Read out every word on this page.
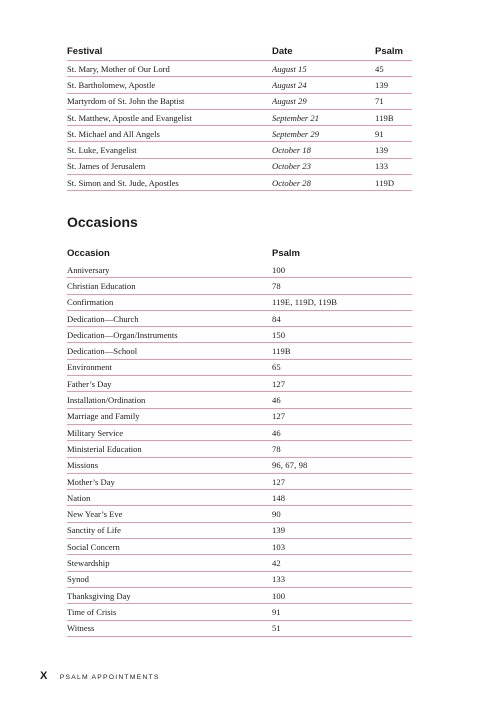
Festival	Date	Psalm
St. Mary, Mother of Our Lord	August 15	45
St. Bartholomew, Apostle	August 24	139
Martyrdom of St. John the Baptist	August 29	71
St. Matthew, Apostle and Evangelist	September 21	119B
St. Michael and All Angels	September 29	91
St. Luke, Evangelist	October 18	139
St. James of Jerusalem	October 23	133
St. Simon and St. Jude, Apostles	October 28	119D
Occasions
Occasion	Psalm
Anniversary	100
Christian Education	78
Confirmation	119E, 119D, 119B
Dedication—Church	84
Dedication—Organ/Instruments	150
Dedication—School	119B
Environment	65
Father’s Day	127
Installation/Ordination	46
Marriage and Family	127
Military Service	46
Ministerial Education	78
Missions	96, 67, 98
Mother’s Day	127
Nation	148
New Year’s Eve	90
Sanctity of Life	139
Social Concern	103
Stewardship	42
Synod	133
Thanksgiving Day	100
Time of Crisis	91
Witness	51
X PSALM APPOINTMENTS
